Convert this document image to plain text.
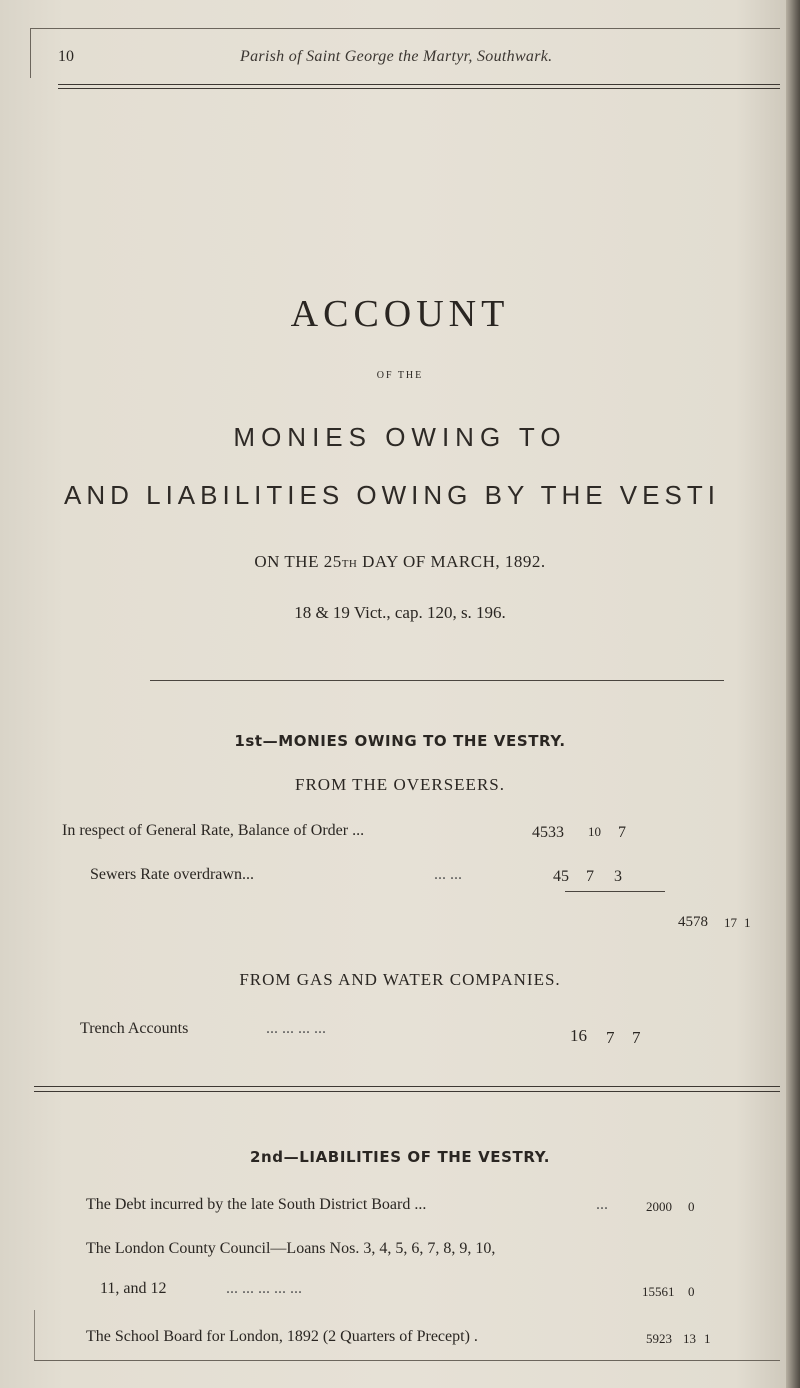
10	Parish of Saint George the Martyr, Southwark.
ACCOUNT
OF THE
MONIES OWING TO
AND LIABILITIES OWING BY THE VESTI
ON THE 25TH DAY OF MARCH, 1892.
18 & 19 Vict., cap. 120, s. 196.
1st—MONIES OWING TO THE VESTRY.
FROM THE OVERSEERS.
In respect of General Rate, Balance of Order ...	4533 10 7
Sewers Rate overdrawn...	... ...	45 7 3
4578 17 1
FROM GAS AND WATER COMPANIES.
Trench Accounts	... ... ... ...	16 7 7
2nd—LIABILITIES OF THE VESTRY.
The Debt incurred by the late South District Board ...	...	2000 0
The London County Council—Loans Nos. 3, 4, 5, 6, 7, 8, 9, 10,
11, and 12	... ... ... ... ...	15561 0
The School Board for London, 1892 (2 Quarters of Precept) .	5923 13 1
